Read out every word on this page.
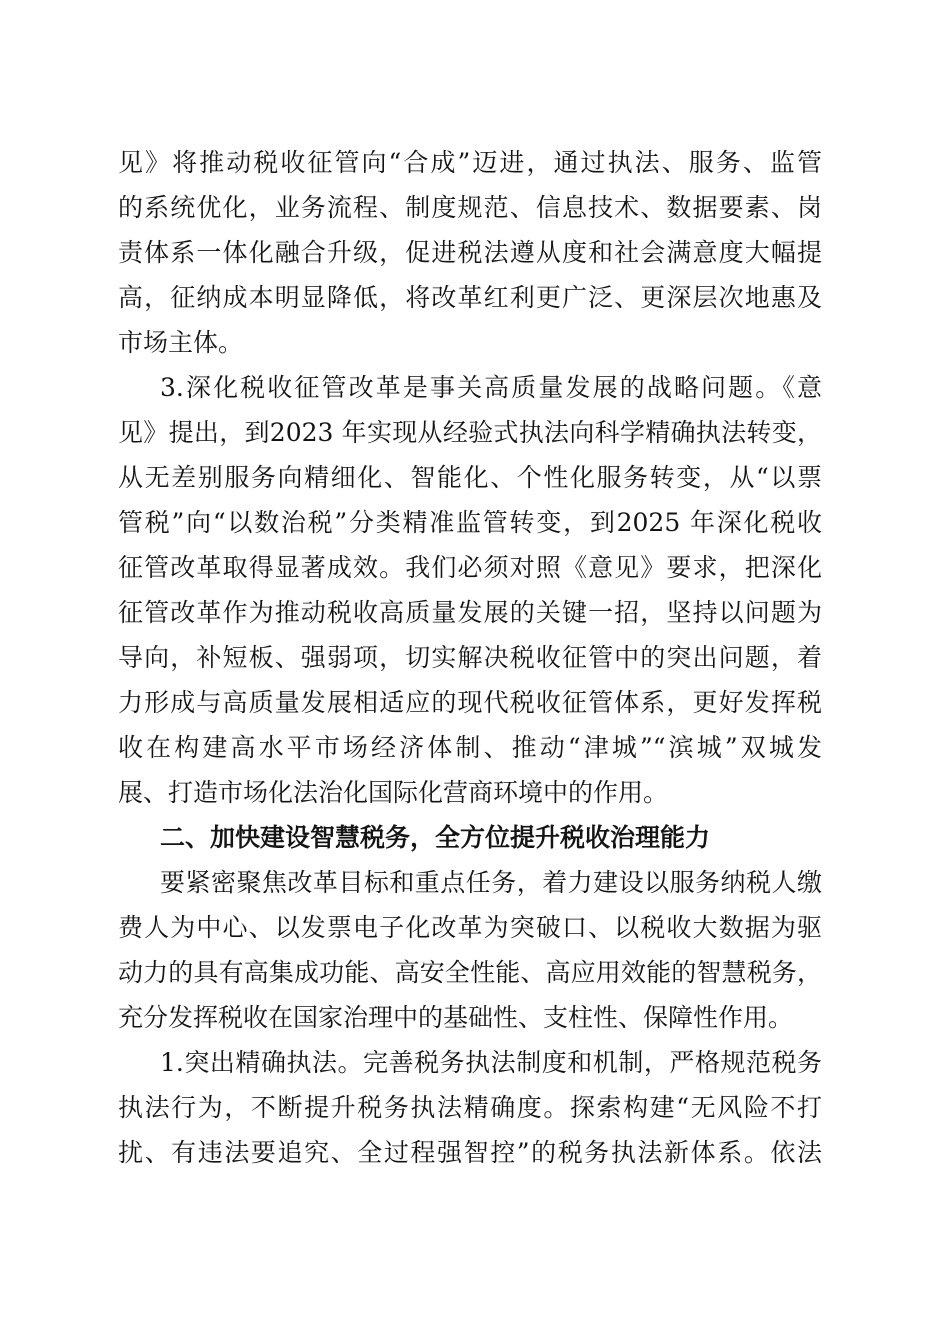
见》将推动税收征管向“合成”迈进，通过执法、服务、监管
的系统优化，业务流程、制度规范、信息技术、数据要素、岗
责体系一体化融合升级，促进税法遵从度和社会满意度大幅提
高，征纳成本明显降低，将改革红利更广泛、更深层次地惠及
市场主体。
3.深化税收征管改革是事关高质量发展的战略问题。《意
见》提出，到2023 年实现从经验式执法向科学精确执法转变，
从无差别服务向精细化、智能化、个性化服务转变，从“以票
管税”向“以数治税”分类精准监管转变，到2025 年深化税收
征管改革取得显著成效。我们必须对照《意见》要求，把深化
征管改革作为推动税收高质量发展的关键一招，坚持以问题为
导向，补短板、强弱项，切实解决税收征管中的突出问题，着
力形成与高质量发展相适应的现代税收征管体系，更好发挥税
收在构建高水平市场经济体制、推动“津城”“滨城”双城发
展、打造市场化法治化国际化营商环境中的作用。
二、加快建设智慧税务，全方位提升税收治理能力
要紧密聚焦改革目标和重点任务，着力建设以服务纳税人缴
费人为中心、以发票电子化改革为突破口、以税收大数据为驱
动力的具有高集成功能、高安全性能、高应用效能的智慧税务，
充分发挥税收在国家治理中的基础性、支柱性、保障性作用。
1.突出精确执法。完善税务执法制度和机制，严格规范税务
执法行为，不断提升税务执法精确度。探索构建“无风险不打
扰、有违法要追究、全过程强智控”的税务执法新体系。依法
